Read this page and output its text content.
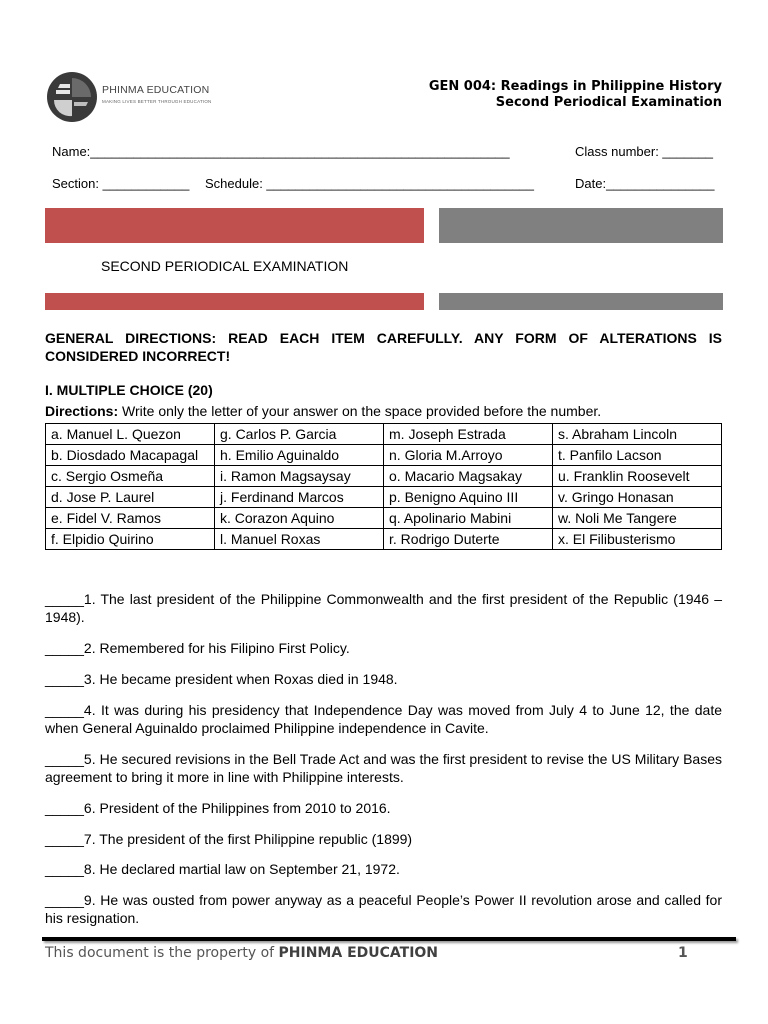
PHINMA EDUCATION
MAKING LIVES BETTER THROUGH EDUCATION
GEN 004: Readings in Philippine History
Second Periodical Examination
Name:__________________________________________________________	Class number: _______
Section: ____________ Schedule: _____________________________________	Date:_______________
SECOND PERIODICAL EXAMINATION
GENERAL DIRECTIONS: READ EACH ITEM CAREFULLY. ANY FORM OF ALTERATIONS IS CONSIDERED INCORRECT!
I. MULTIPLE CHOICE (20)
Directions: Write only the letter of your answer on the space provided before the number.
a. Manuel L. Quezon	g. Carlos P. Garcia	m. Joseph Estrada	s. Abraham Lincoln
b. Diosdado Macapagal	h. Emilio Aguinaldo	n. Gloria M.Arroyo	t. Panfilo Lacson
c. Sergio Osmeña	i. Ramon Magsaysay	o. Macario Magsakay	u. Franklin Roosevelt
d. Jose P. Laurel	j. Ferdinand Marcos	p. Benigno Aquino III	v. Gringo Honasan
e. Fidel V. Ramos	k. Corazon Aquino	q. Apolinario Mabini	w. Noli Me Tangere
f. Elpidio Quirino	l. Manuel Roxas	r. Rodrigo Duterte	x. El Filibusterismo
_____1. The last president of the Philippine Commonwealth and the first president of the Republic (1946 – 1948).
_____2. Remembered for his Filipino First Policy.
_____3. He became president when Roxas died in 1948.
_____4. It was during his presidency that Independence Day was moved from July 4 to June 12, the date when General Aguinaldo proclaimed Philippine independence in Cavite.
_____5. He secured revisions in the Bell Trade Act and was the first president to revise the US Military Bases agreement to bring it more in line with Philippine interests.
_____6. President of the Philippines from 2010 to 2016.
_____7. The president of the first Philippine republic (1899)
_____8. He declared martial law on September 21, 1972.
_____9. He was ousted from power anyway as a peaceful People’s Power II revolution arose and called for his resignation.
This document is the property of PHINMA EDUCATION	1
